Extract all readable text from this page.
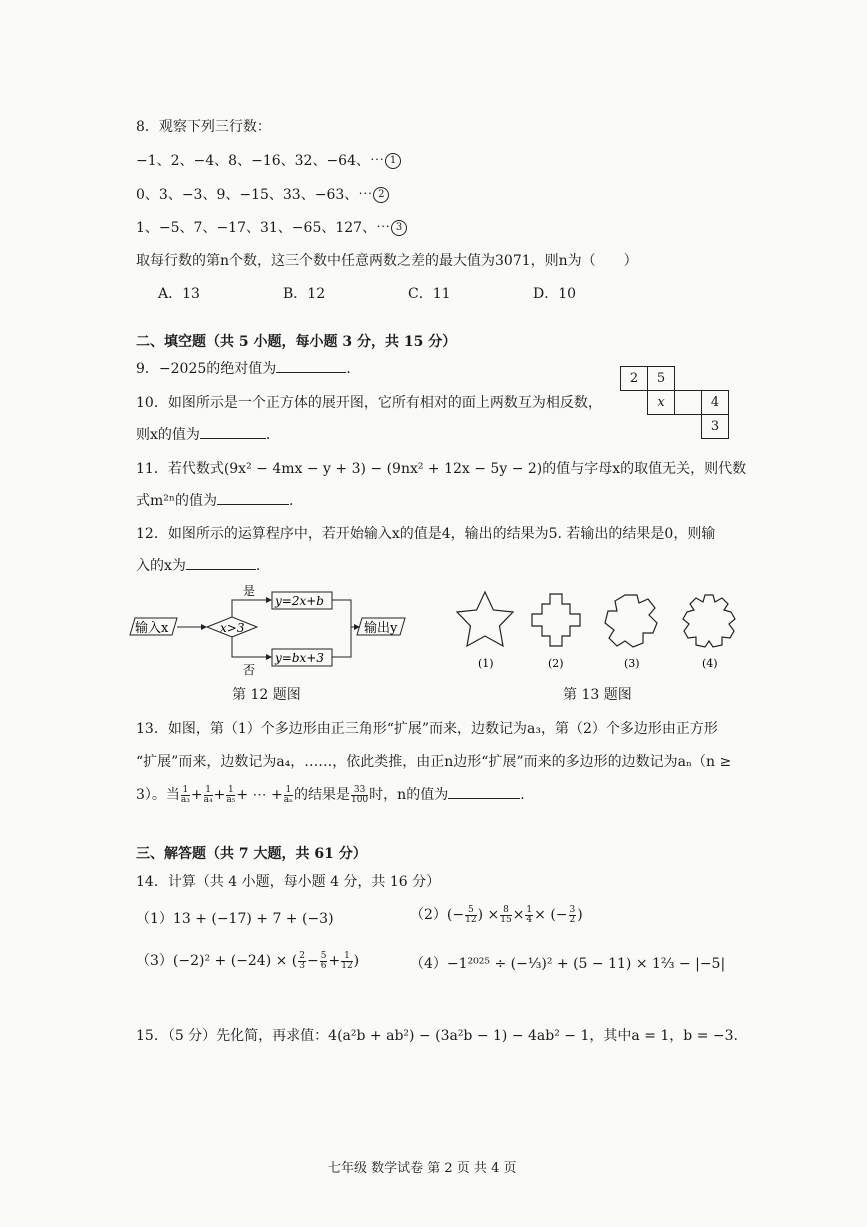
8．观察下列三行数：
−1、2、−4、8、−16、32、−64、⋯ 1
0、3、−3、9、−15、33、−63、⋯ 2
1、−5、7、−17、31、−65、127、⋯ 3
取每行数的第n个数，这三个数中任意两数之差的最大值为3071，则n为（　　）
A．13	B．12	C．11	D．10
二、填空题（共 5 小题，每小题 3 分，共 15 分）
9．−2025的绝对值为	.
10．如图所示是一个正方体的展开图，它所有相对的面上两数互为相反数，
则x的值为	.
2	5		
	x		4
			3
11．若代数式(9x² − 4mx − y + 3) − (9nx² + 12x − 5y − 2)的值与字母x的取值无关，则代数
式m²ⁿ的值为	.
12．如图所示的运算程序中，若开始输入x的值是4，输出的结果为5. 若输出的结果是0，则输
入的x为	.
输入x	x>3
是
否
y=2x+b
y=bx+3
输出y
第 12 题图
(1)	(2)	(3)	(4)
第 13 题图
13．如图，第（1）个多边形由正三角形“扩展”而来，边数记为a₃，第（2）个多边形由正方形
“扩展”而来，边数记为a₄，……，依此类推，由正n边形“扩展”而来的多边形的边数记为aₙ（n ≥
3）。当 $\frac{1}{\text{a₃}} + \frac{1}{\text{a₄}} + \frac{1}{\text{a₅}}$ + ⋯ + $\frac{1}{\text{aₙ}}$ 的结果是 $\frac{33}{100}$ 时，n的值为	.
三、解答题（共 7 大题，共 61 分）
14．计算（共 4 小题，每小题 4 分，共 16 分）
（1）13 + (−17) + 7 + (−3)	$(2)(- \frac{5}{12}$ ) × $\frac{8}{15} \times \frac{1}{4}$ × (− $\frac{3}{2}$ )
（3）(−2)² + (−24) × ( $\frac{2}{3} - \frac{5}{6} + \frac{1}{12}$ )	（4）−1²⁰²⁵ ÷ (−⅓)² + (5 − 11) × 1⅔ − |−5|
15．（5 分）先化简，再求值：4(a²b + ab²) − (3a²b − 1) − 4ab² − 1，其中a = 1，b = −3.
七年级 数学试卷 第 2 页 共 4 页
